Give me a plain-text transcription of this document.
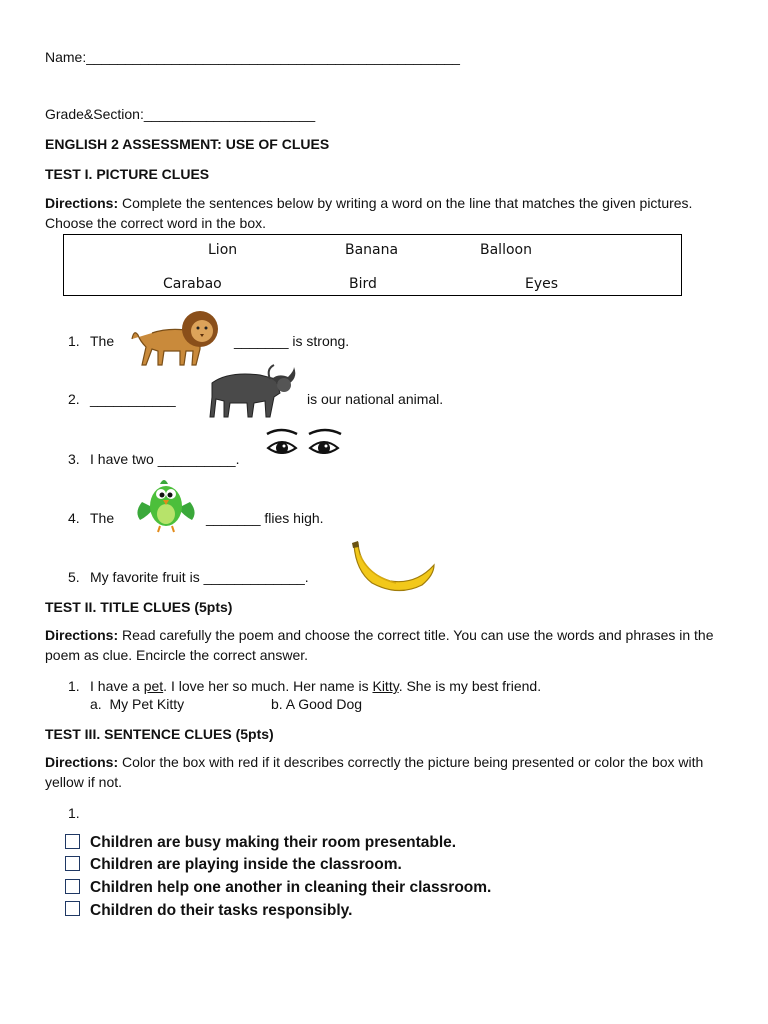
Name:________________________________________________
Grade&Section:______________________
ENGLISH 2 ASSESSMENT: USE OF CLUES
TEST I. PICTURE CLUES
Directions: Complete the sentences below by writing a word on the line that matches the given pictures. Choose the correct word in the box.
Lion	Banana	Balloon
Carabao	Bird	Eyes
1. The	_______ is strong.
2. ___________	is our national animal.
3. I have two __________.
4. The	_______ flies high.
5. My favorite fruit is _____________.
TEST II. TITLE CLUES (5pts)
Directions: Read carefully the poem and choose the correct title. You can use the words and phrases in the poem as clue. Encircle the correct answer.
1. I have a pet. I love her so much. Her name is Kitty. She is my best friend.
a.  My Pet Kitty	b. A Good Dog
TEST III. SENTENCE CLUES (5pts)
Directions: Color the box with red if it describes correctly the picture being presented or color the box with yellow if not.
1.
Children are busy making their room presentable.
Children are playing inside the classroom.
Children help one another in cleaning their classroom.
Children do their tasks responsibly.
